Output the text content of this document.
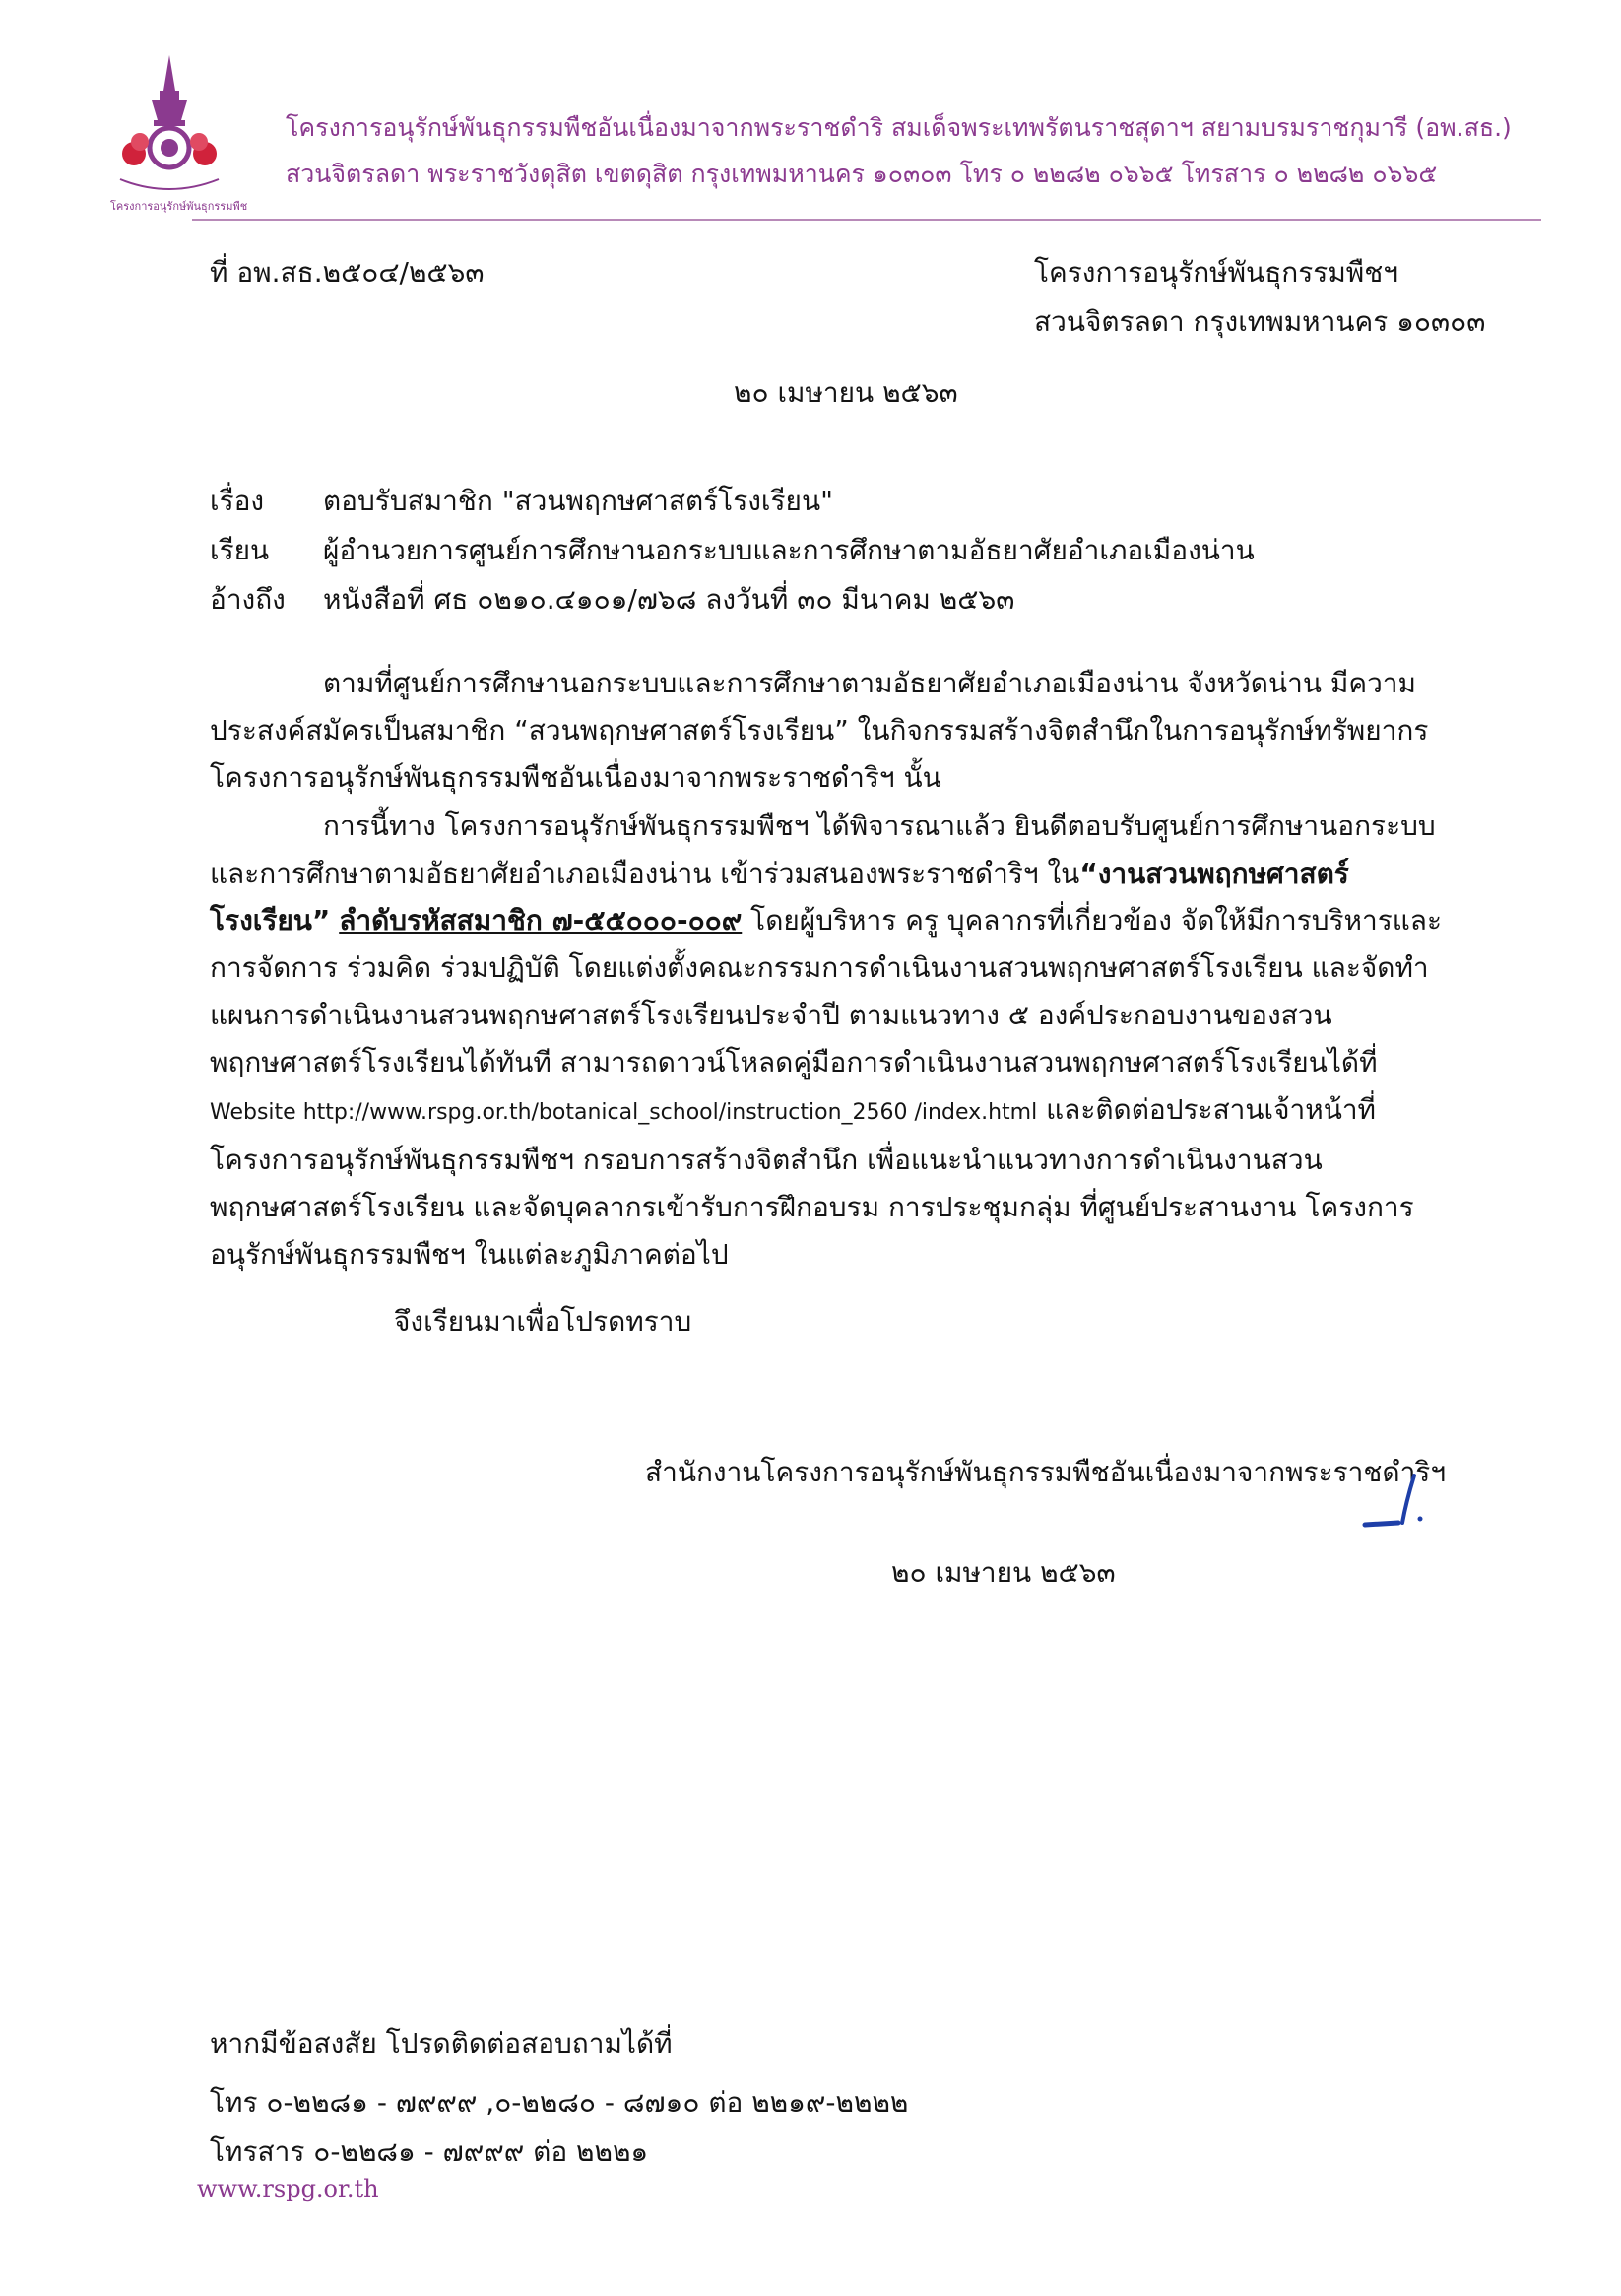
โครงการอนุรักษ์พันธุกรรมพืช
โครงการอนุรักษ์พันธุกรรมพืชอันเนื่องมาจากพระราชดำริ สมเด็จพระเทพรัตนราชสุดาฯ สยามบรมราชกุมารี (อพ.สธ.)
สวนจิตรลดา พระราชวังดุสิต เขตดุสิต กรุงเทพมหานคร ๑๐๓๐๓ โทร ๐ ๒๒๘๒ ๐๖๖๕ โทรสาร ๐ ๒๒๘๒ ๐๖๖๕
ที่ อพ.สธ.๒๕๐๔/๒๕๖๓	โครงการอนุรักษ์พันธุกรรมพืชฯ
สวนจิตรลดา กรุงเทพมหานคร ๑๐๓๐๓
๒๐ เมษายน ๒๕๖๓
เรื่อง ตอบรับสมาชิก "สวนพฤกษศาสตร์โรงเรียน"
เรียน ผู้อำนวยการศูนย์การศึกษานอกระบบและการศึกษาตามอัธยาศัยอำเภอเมืองน่าน
อ้างถึง หนังสือที่ ศธ ๐๒๑๐.๔๑๐๑/๗๖๘ ลงวันที่ ๓๐ มีนาคม ๒๕๖๓
ตามที่ศูนย์การศึกษานอกระบบและการศึกษาตามอัธยาศัยอำเภอเมืองน่าน จังหวัดน่าน มีความประสงค์สมัครเป็นสมาชิก “สวนพฤกษศาสตร์โรงเรียน” ในกิจกรรมสร้างจิตสำนึกในการอนุรักษ์ทรัพยากร โครงการอนุรักษ์พันธุกรรมพืชอันเนื่องมาจากพระราชดำริฯ นั้น
การนี้ทาง โครงการอนุรักษ์พันธุกรรมพืชฯ ได้พิจารณาแล้ว ยินดีตอบรับศูนย์การศึกษานอกระบบและการศึกษาตามอัธยาศัยอำเภอเมืองน่าน เข้าร่วมสนองพระราชดำริฯ ใน“งานสวนพฤกษศาสตร์โรงเรียน” ลำดับรหัสสมาชิก ๗-๕๕๐๐๐-๐๐๙ โดยผู้บริหาร ครู บุคลากรที่เกี่ยวข้อง จัดให้มีการบริหารและการจัดการ ร่วมคิด ร่วมปฏิบัติ โดยแต่งตั้งคณะกรรมการดำเนินงานสวนพฤกษศาสตร์โรงเรียน และจัดทำแผนการดำเนินงานสวนพฤกษศาสตร์โรงเรียนประจำปี ตามแนวทาง ๕ องค์ประกอบงานของสวนพฤกษศาสตร์โรงเรียนได้ทันที สามารถดาวน์โหลดคู่มือการดำเนินงานสวนพฤกษศาสตร์โรงเรียนได้ที่ Website http://www.rspg.or.th/botanical_school/instruction_2560 /index.html และติดต่อประสานเจ้าหน้าที่ โครงการอนุรักษ์พันธุกรรมพืชฯ กรอบการสร้างจิตสำนึก เพื่อแนะนำแนวทางการดำเนินงานสวนพฤกษศาสตร์โรงเรียน และจัดบุคลากรเข้ารับการฝึกอบรม การประชุมกลุ่ม ที่ศูนย์ประสานงาน โครงการอนุรักษ์พันธุกรรมพืชฯ ในแต่ละภูมิภาคต่อไป
จึงเรียนมาเพื่อโปรดทราบ
สำนักงานโครงการอนุรักษ์พันธุกรรมพืชอันเนื่องมาจากพระราชดำริฯ
๒๐ เมษายน ๒๕๖๓
หากมีข้อสงสัย โปรดติดต่อสอบถามได้ที่
โทร ๐-๒๒๘๑ - ๗๙๙๙ ,๐-๒๒๘๐ - ๘๗๑๐ ต่อ ๒๒๑๙-๒๒๒๒
โทรสาร ๐-๒๒๘๑ - ๗๙๙๙ ต่อ ๒๒๒๑
www.rspg.or.th
